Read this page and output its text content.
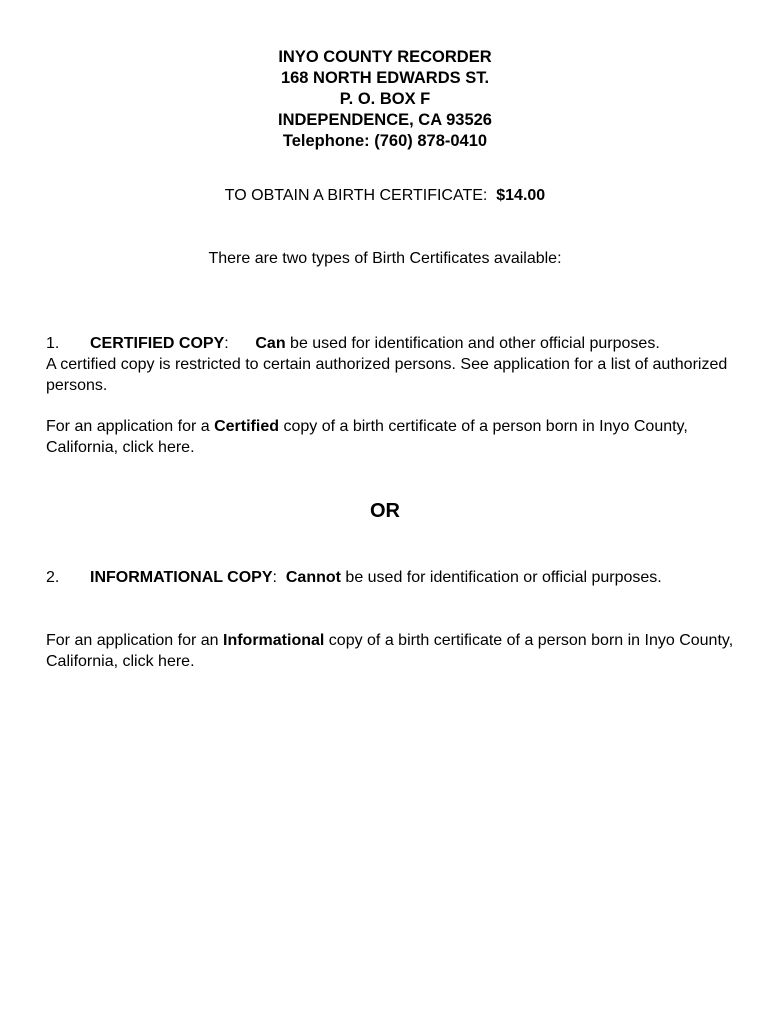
INYO COUNTY RECORDER
168 NORTH EDWARDS ST.
P. O. BOX F
INDEPENDENCE, CA 93526
Telephone: (760) 878-0410
TO OBTAIN A BIRTH CERTIFICATE: $14.00
There are two types of Birth Certificates available:
1. CERTIFIED COPY: Can be used for identification and other official purposes.
A certified copy is restricted to certain authorized persons. See application for a list of authorized persons.
For an application for a Certified copy of a birth certificate of a person born in Inyo County, California, click here.
OR
2. INFORMATIONAL COPY:  Cannot be used for identification or official purposes.
For an application for an Informational copy of a birth certificate of a person born in Inyo County, California, click here.
